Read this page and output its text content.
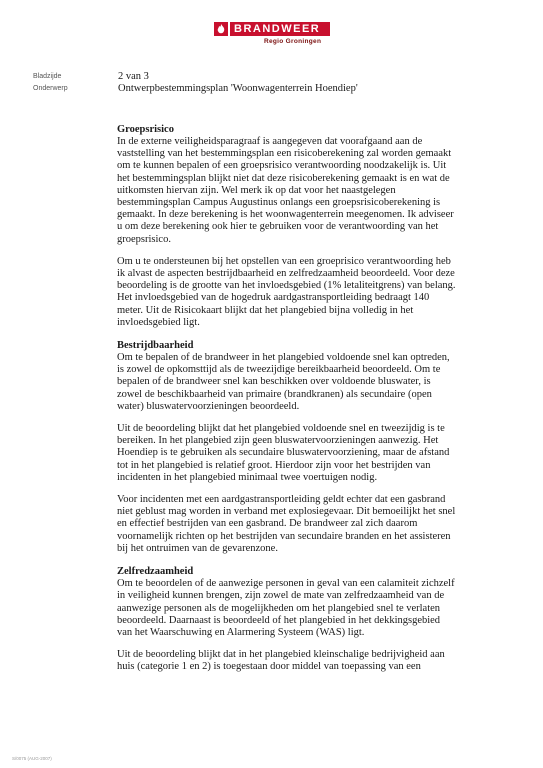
BRANDWEER
Regio Groningen
Bladzijde	2 van 3
Onderwerp	Ontwerpbestemmingsplan 'Woonwagenterrein Hoendiep'
Groepsrisico

In de externe veiligheidsparagraaf is aangegeven dat voorafgaand aan de vaststelling van het bestemmingsplan een risicoberekening zal worden gemaakt om te kunnen bepalen of een groepsrisico verantwoording noodzakelijk is. Uit het bestemmingsplan blijkt niet dat deze risicoberekening gemaakt is en wat de uitkomsten hiervan zijn. Wel merk ik op dat voor het naastgelegen bestemmingsplan Campus Augustinus onlangs een groepsrisicoberekening is gemaakt. In deze berekening is het woonwagenterrein meegenomen. Ik adviseer u om deze berekening ook hier te gebruiken voor de verantwoording van het groepsrisico.

Om u te ondersteunen bij het opstellen van een groeprisico verantwoording heb ik alvast de aspecten bestrijdbaarheid en zelfredzaamheid beoordeeld. Voor deze beoordeling is de grootte van het invloedsgebied (1% letaliteitgrens) van belang. Het invloedsgebied van de hogedruk aardgastransportleiding bedraagt 140 meter. Uit de Risicokaart blijkt dat het plangebied bijna volledig in het invloedsgebied ligt.

Bestrijdbaarheid

Om te bepalen of de brandweer in het plangebied voldoende snel kan optreden, is zowel de opkomsttijd als de tweezijdige bereikbaarheid beoordeeld. Om te bepalen of de brandweer snel kan beschikken over voldoende bluswater, is zowel de beschikbaarheid van primaire (brandkranen) als secundaire (open water) bluswatervoorzieningen beoordeeld.

Uit de beoordeling blijkt dat het plangebied voldoende snel en tweezijdig is te bereiken. In het plangebied zijn geen bluswatervoorzieningen aanwezig. Het Hoendiep is te gebruiken als secundaire bluswatervoorziening, maar de afstand tot in het plangebied is relatief groot. Hierdoor zijn voor het bestrijden van incidenten in het plangebied minimaal twee voertuigen nodig.

Voor incidenten met een aardgastransportleiding geldt echter dat een gasbrand niet geblust mag worden in verband met explosiegevaar. Dit bemoeilijkt het snel en effectief bestrijden van een gasbrand. De brandweer zal zich daarom voornamelijk richten op het bestrijden van secundaire branden en het assisteren bij het ontruimen van de gevarenzone.

Zelfredzaamheid

Om te beoordelen of de aanwezige personen in geval van een calamiteit zichzelf in veiligheid kunnen brengen, zijn zowel de mate van zelfredzaamheid van de aanwezige personen als de mogelijkheden om het plangebied snel te verlaten beoordeeld. Daarnaast is beoordeeld of het plangebied in het dekkingsgebied van het Waarschuwing en Alarmering Systeem (WAS) ligt.

Uit de beoordeling blijkt dat in het plangebied kleinschalige bedrijvigheid aan huis (categorie 1 en 2) is toegestaan door middel van toepassing van een

S/0075 (AUG-2007)
